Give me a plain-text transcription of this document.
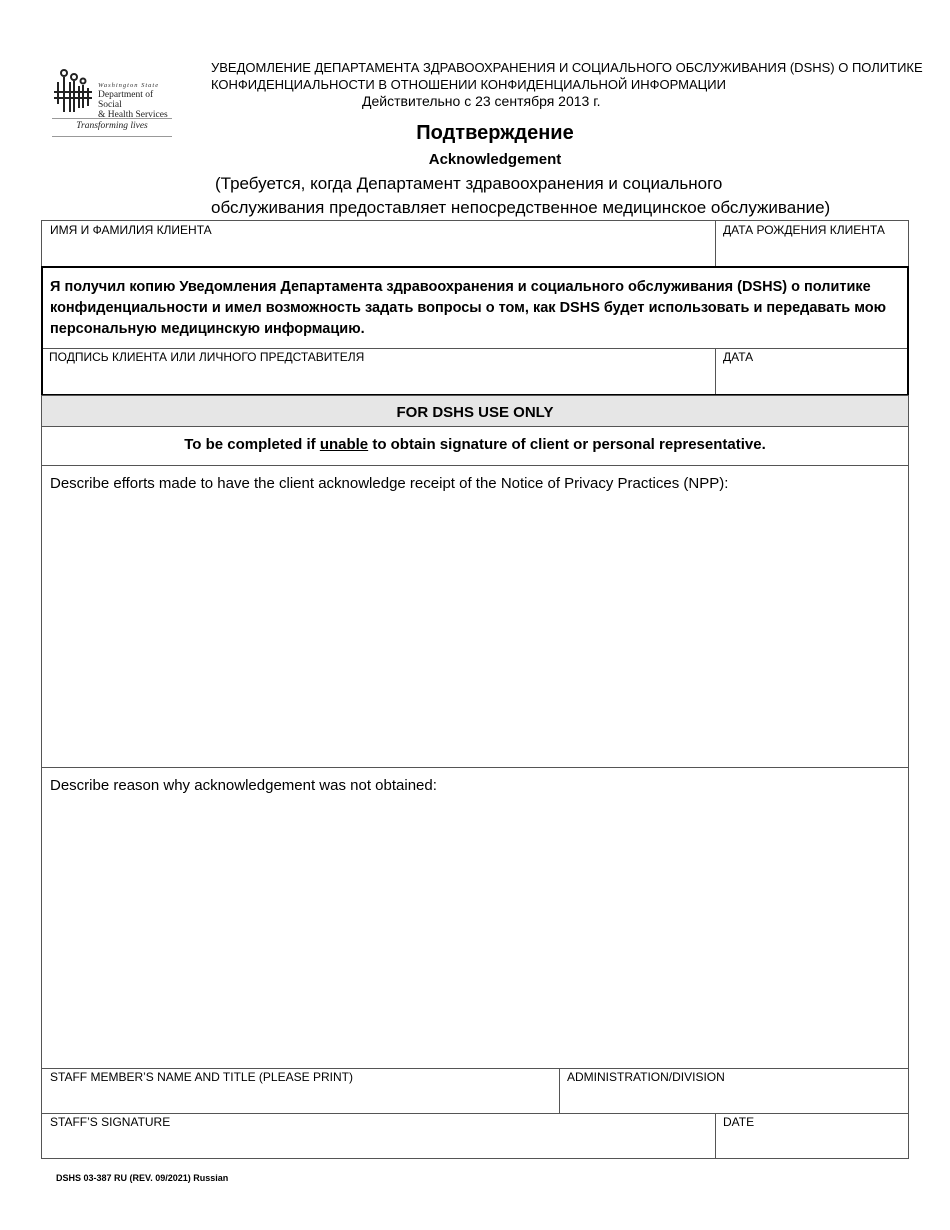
Washington State
Department of Social
& Health Services
Transforming lives
УВЕДОМЛЕНИЕ ДЕПАРТАМЕНТА ЗДРАВООХРАНЕНИЯ И СОЦИАЛЬНОГО ОБСЛУЖИВАНИЯ (DSHS) О ПОЛИТИКЕ
КОНФИДЕНЦИАЛЬНОСТИ В ОТНОШЕНИИ КОНФИДЕНЦИАЛЬНОЙ ИНФОРМАЦИИ
Действительно с 23 сентября 2013 г.
Подтверждение
Acknowledgement
(Требуется, когда Департамент здравоохранения и социального
обслуживания предоставляет непосредственное медицинское обслуживание)
ИМЯ И ФАМИЛИЯ КЛИЕНТА	ДАТА РОЖДЕНИЯ КЛИЕНТА
Я получил копию Уведомления Департамента здравоохранения и социального обслуживания (DSHS) о политике конфиденциальности и имел возможность задать вопросы о том, как DSHS будет использовать и передавать мою персональную медицинскую информацию.
ПОДПИСЬ КЛИЕНТА ИЛИ ЛИЧНОГО ПРЕДСТАВИТЕЛЯ	ДАТА
FOR DSHS USE ONLY
To be completed if unable to obtain signature of client or personal representative.
Describe efforts made to have the client acknowledge receipt of the Notice of Privacy Practices (NPP):
Describe reason why acknowledgement was not obtained:
STAFF MEMBER’S NAME AND TITLE (PLEASE PRINT)	ADMINISTRATION/DIVISION
STAFF’S SIGNATURE	DATE
DSHS 03-387 RU (REV. 09/2021) Russian
